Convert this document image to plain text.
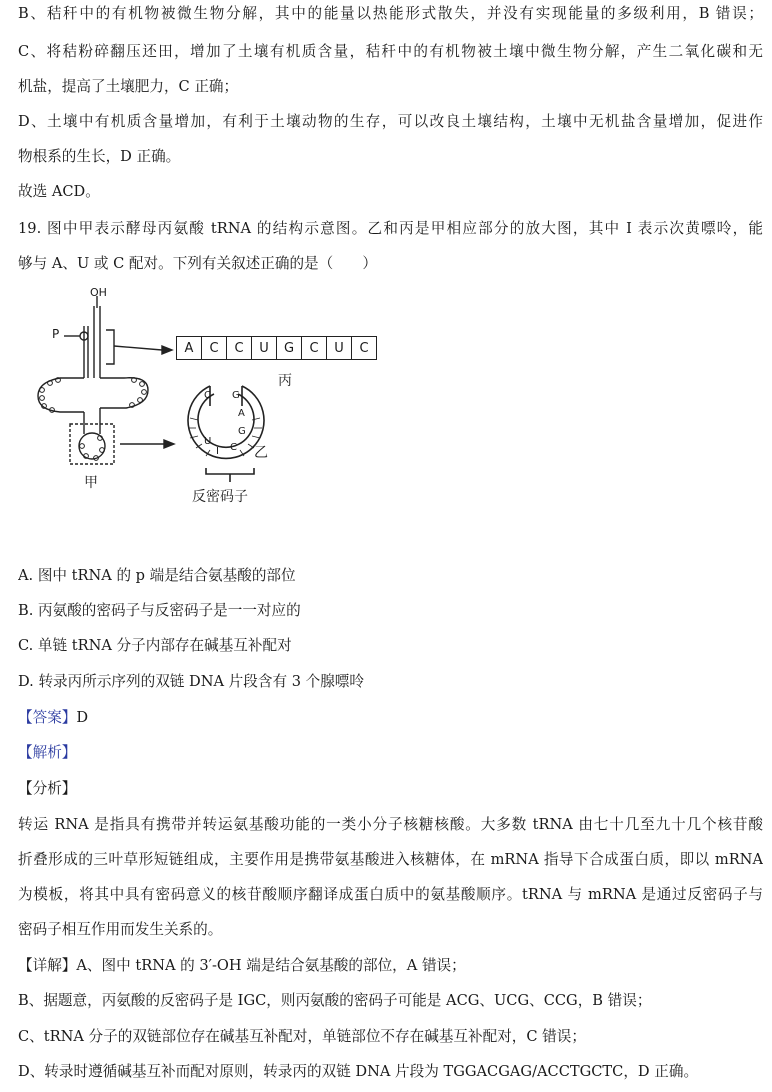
B、秸秆中的有机物被微生物分解，其中的能量以热能形式散失，并没有实现能量的多级利用，B 错误；
C、将秸粉碎翻压还田，增加了土壤有机质含量，秸秆中的有机物被土壤中微生物分解，产生二氧化碳和无
机盐，提高了土壤肥力，C 正确；
D、土壤中有机质含量增加，有利于土壤动物的生存，可以改良土壤结构，土壤中无机盐含量增加，促进作
物根系的生长，D 正确。
故选 ACD。
19. 图中甲表示酵母丙氨酸 tRNA 的结构示意图。乙和丙是甲相应部分的放大图，其中 I 表示次黄嘌呤，能
够与 A、U 或 C 配对。下列有关叙述正确的是（　　）
OH
P
A	C	C	U	G	C	U	C
丙
乙
甲
反密码子
C G
A
G
C
I
U
A. 图中 tRNA 的 p 端是结合氨基酸的部位
B. 丙氨酸的密码子与反密码子是一一对应的
C. 单链 tRNA 分子内部存在碱基互补配对
D. 转录丙所示序列的双链 DNA 片段含有 3 个腺嘌呤
【答案】D
【解析】
【分析】
转运 RNA 是指具有携带并转运氨基酸功能的一类小分子核糖核酸。大多数 tRNA 由七十几至九十几个核苷酸
折叠形成的三叶草形短链组成，主要作用是携带氨基酸进入核糖体，在 mRNA 指导下合成蛋白质，即以 mRNA
为模板，将其中具有密码意义的核苷酸顺序翻译成蛋白质中的氨基酸顺序。tRNA 与 mRNA 是通过反密码子与
密码子相互作用而发生关系的。
【详解】A、图中 tRNA 的 3′-OH 端是结合氨基酸的部位，A 错误；
B、据题意，丙氨酸的反密码子是 IGC，则丙氨酸的密码子可能是 ACG、UCG、CCG，B 错误；
C、tRNA 分子的双链部位存在碱基互补配对，单链部位不存在碱基互补配对，C 错误；
D、转录时遵循碱基互补而配对原则，转录丙的双链 DNA 片段为 TGGACGAG/ACCTGCTC，D 正确。
